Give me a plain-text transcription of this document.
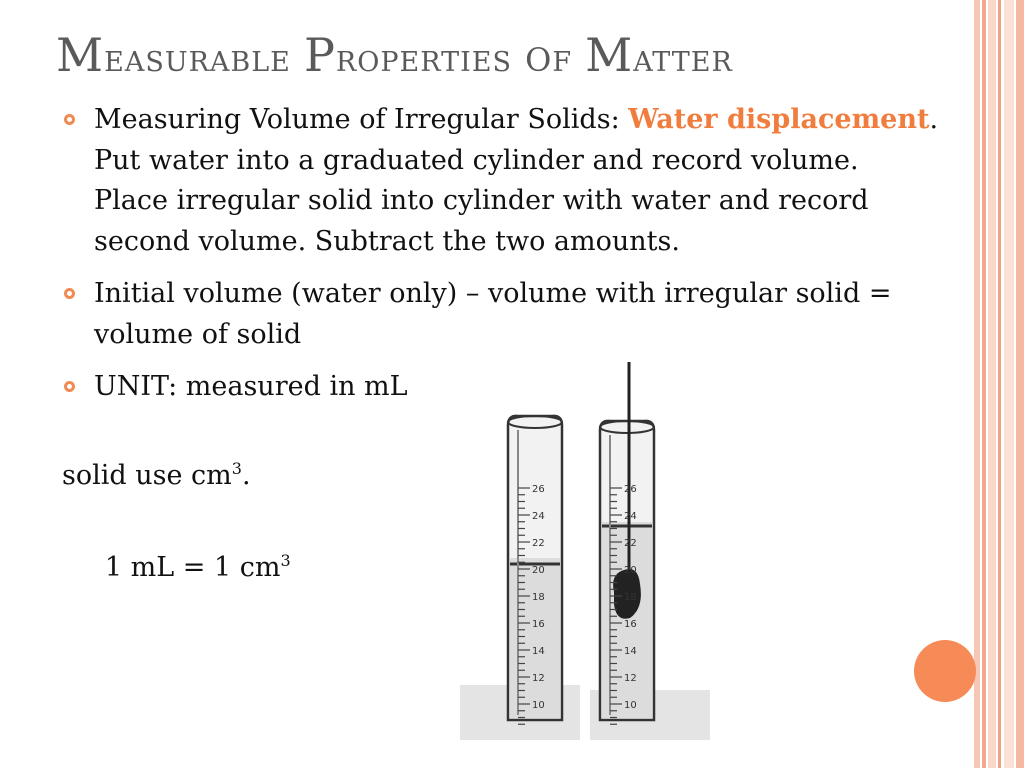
Measurable Properties of Matter
Measuring Volume of Irregular Solids: Water displacement. Put water into a graduated cylinder and record volume. Place irregular solid into cylinder with water and record second volume. Subtract the two amounts.
Initial volume (water only) – volume with irregular solid = volume of solid
UNIT: measured in mL
solid use $cm^3$.

1 mL = 1 $cm^3$

26
24
22
20
18
16
14
12
10
26
24
22
20
18
16
14
12
10
